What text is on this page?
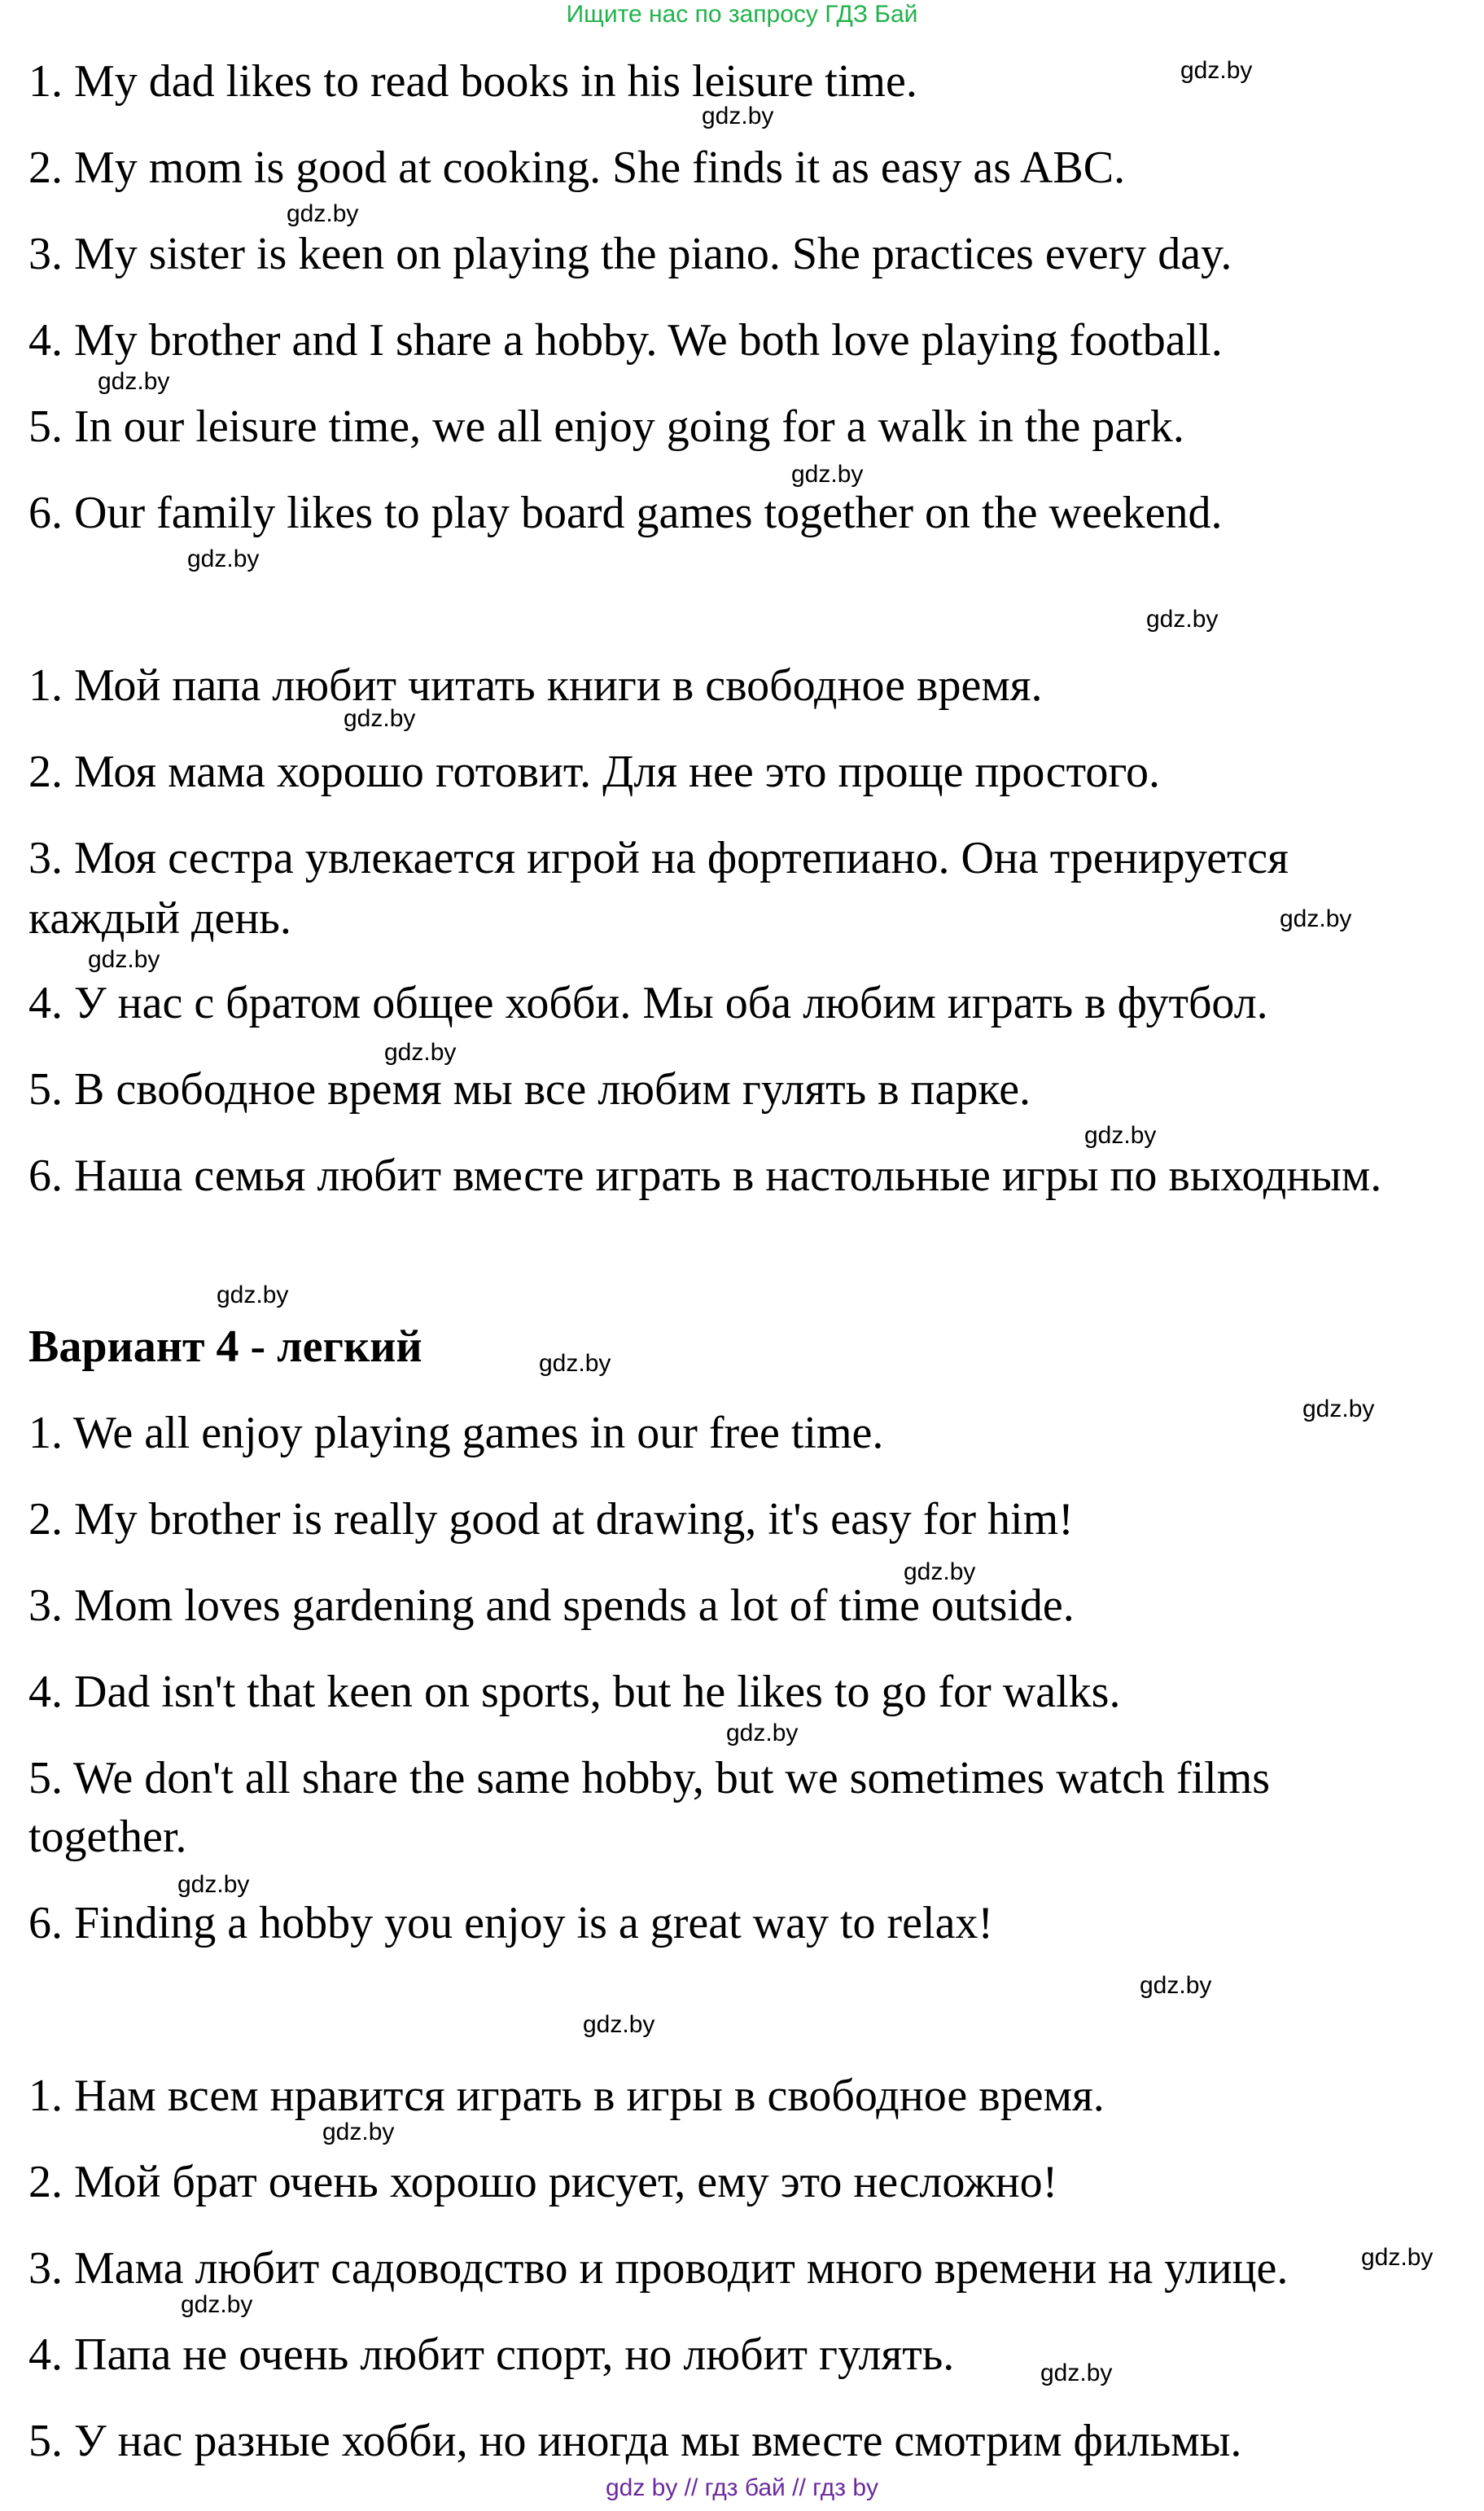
Ищите нас по запросу ГДЗ Бай

1. My dad likes to read books in his leisure time.

2. My mom is good at cooking. She finds it as easy as ABC.

3. My sister is keen on playing the piano. She practices every day.

4. My brother and I share a hobby. We both love playing football.

5. In our leisure time, we all enjoy going for a walk in the park.

6. Our family likes to play board games together on the weekend.

1. Мой папа любит читать книги в свободное время.

2. Моя мама хорошо готовит. Для нее это проще простого.

3. Моя сестра увлекается игрой на фортепиано. Она тренируется

каждый день.

4. У нас с братом общее хобби. Мы оба любим играть в футбол.

5. В свободное время мы все любим гулять в парке.

6. Наша семья любит вместе играть в настольные игры по выходным.

Вариант 4 - легкий

1. We all enjoy playing games in our free time.

2. My brother is really good at drawing, it's easy for him!

3. Mom loves gardening and spends a lot of time outside.

4. Dad isn't that keen on sports, but he likes to go for walks.

5. We don't all share the same hobby, but we sometimes watch films

together.

6. Finding a hobby you enjoy is a great way to relax!

1. Нам всем нравится играть в игры в свободное время.

2. Мой брат очень хорошо рисует, ему это несложно!

3. Мама любит садоводство и проводит много времени на улице.

4. Папа не очень любит спорт, но любит гулять.

5. У нас разные хобби, но иногда мы вместе смотрим фильмы.

gdz.by
gdz.by
gdz.by
gdz.by
gdz.by
gdz.by
gdz.by
gdz.by
gdz.by
gdz.by
gdz.by
gdz.by
gdz.by
gdz.by
gdz.by
gdz.by
gdz.by
gdz.by
gdz.by
gdz.by
gdz.by
gdz.by
gdz.by
gdz.by
gdz by // гдз бай // гдз by
